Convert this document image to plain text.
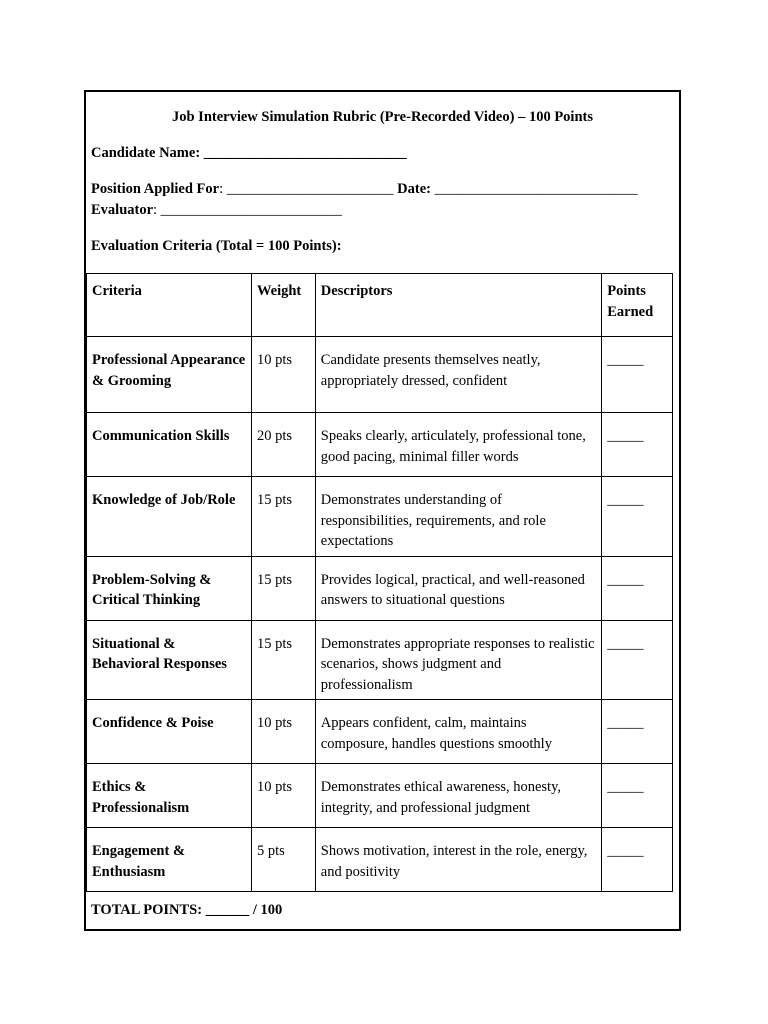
Job Interview Simulation Rubric (Pre-Recorded Video) – 100 Points
Candidate Name: ____________________________
Position Applied For: _______________________ Date: ____________________________
Evaluator: _________________________
Evaluation Criteria (Total = 100 Points):
Criteria	Weight	Descriptors	Points Earned
Professional Appearance & Grooming	10 pts	Candidate presents themselves neatly, appropriately dressed, confident	_____
Communication Skills	20 pts	Speaks clearly, articulately, professional tone, good pacing, minimal filler words	_____
Knowledge of Job/Role	15 pts	Demonstrates understanding of responsibilities, requirements, and role expectations	_____
Problem-Solving & Critical Thinking	15 pts	Provides logical, practical, and well-reasoned answers to situational questions	_____
Situational & Behavioral Responses	15 pts	Demonstrates appropriate responses to realistic scenarios, shows judgment and professionalism	_____
Confidence & Poise	10 pts	Appears confident, calm, maintains composure, handles questions smoothly	_____
Ethics & Professionalism	10 pts	Demonstrates ethical awareness, honesty, integrity, and professional judgment	_____
Engagement & Enthusiasm	5 pts	Shows motivation, interest in the role, energy, and positivity	_____
TOTAL POINTS: ______ / 100
